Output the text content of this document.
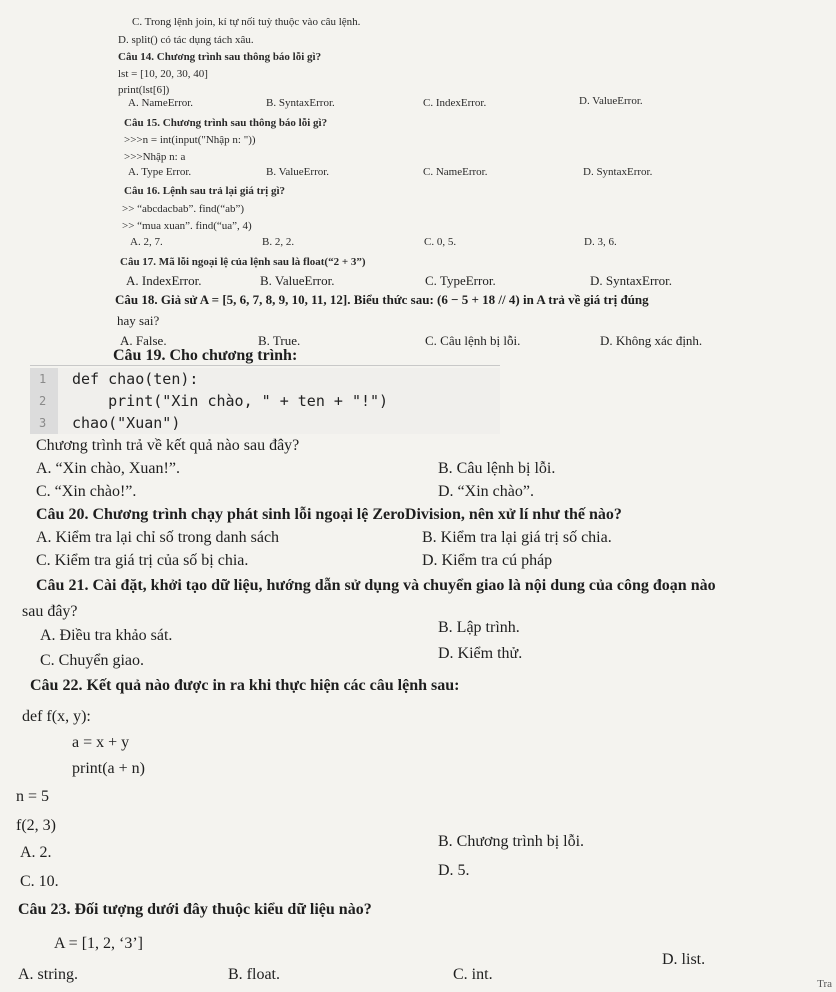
C. Trong lệnh join, kí tự nối tuỳ thuộc vào câu lệnh.
D. split() có tác dụng tách xâu.
Câu 14. Chương trình sau thông báo lỗi gì?
lst = [10, 20, 30, 40]
print(lst[6])
A. NameError.	B. SyntaxError.	C. IndexError.	D. ValueError.
Câu 15. Chương trình sau thông báo lỗi gì?
>>>n = int(input("Nhập n: "))
>>>Nhập n: a
A. Type Error.	B. ValueError.	C. NameError.	D. SyntaxError.
Câu 16. Lệnh sau trả lại giá trị gì?
>> “abcdacbab”. find(“ab”)
>> “mua xuan”. find(“ua”, 4)
A. 2, 7.	B. 2, 2.	C. 0, 5.	D. 3, 6.
Câu 17. Mã lỗi ngoại lệ của lệnh sau là float(“2 + 3”)
A. IndexError.	B. ValueError.	C. TypeError.	D. SyntaxError.
Câu 18. Giả sử A = [5, 6, 7, 8, 9, 10, 11, 12]. Biểu thức sau: (6 − 5 + 18 // 4) in A trả về giá trị đúng
hay sai?
A. False.	B. True.	C. Câu lệnh bị lỗi.	D. Không xác định.
Câu 19. Cho chương trình:
1
2
3
def chao(ten):
print("Xin chào, " + ten + "!")
chao("Xuan")
Chương trình trả về kết quả nào sau đây?
A. “Xin chào, Xuan!”.	B. Câu lệnh bị lỗi.
C. “Xin chào!”.	D. “Xin chào”.
Câu 20. Chương trình chạy phát sinh lỗi ngoại lệ ZeroDivision, nên xử lí như thế nào?
A. Kiểm tra lại chỉ số trong danh sách	B. Kiểm tra lại giá trị số chia.
C. Kiểm tra giá trị của số bị chia.	D. Kiểm tra cú pháp
Câu 21. Cài đặt, khởi tạo dữ liệu, hướng dẫn sử dụng và chuyển giao là nội dung của công đoạn nào
sau đây?
A. Điều tra khảo sát.	B. Lập trình.
C. Chuyển giao.	D. Kiểm thử.
Câu 22. Kết quả nào được in ra khi thực hiện các câu lệnh sau:
def f(x, y):
a = x + y
print(a + n)
n = 5
f(2, 3)
A. 2.
B. Chương trình bị lỗi.
C. 10.
D. 5.
Câu 23. Đối tượng dưới đây thuộc kiểu dữ liệu nào?
A = [1, 2, ‘3’]
A. string.	B. float.	C. int.
D. list.
Tra
